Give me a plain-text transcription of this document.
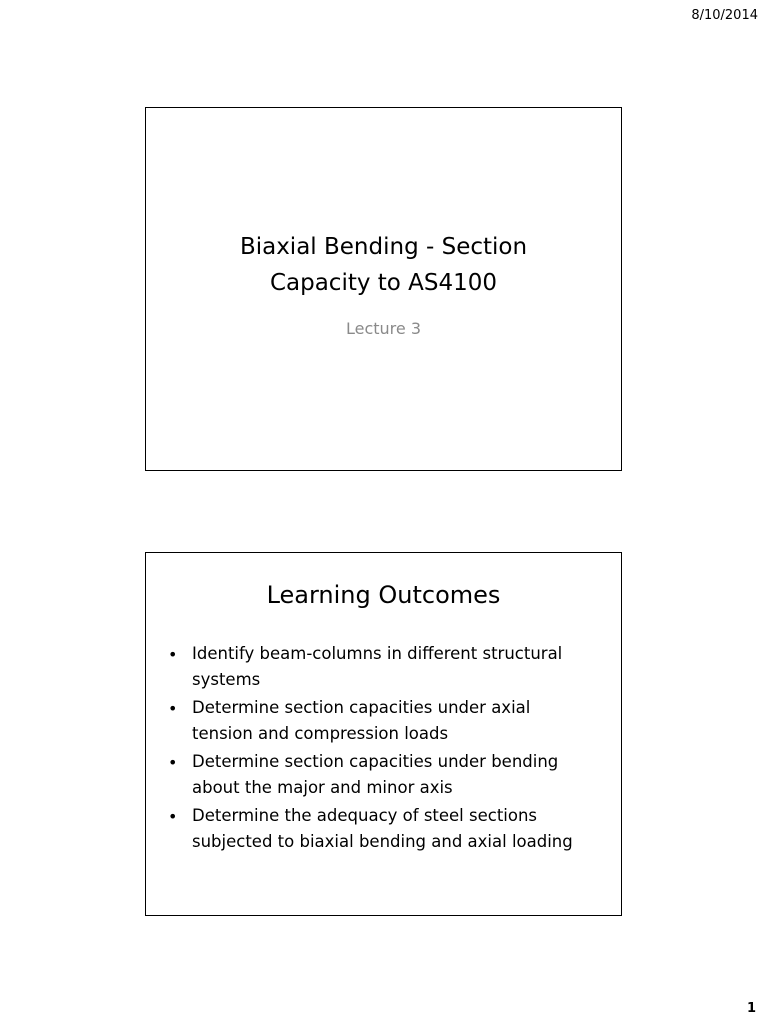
8/10/2014
Biaxial Bending - Section
Capacity to AS4100
Lecture 3
Learning Outcomes
• Identify beam-columns in different structural
systems
• Determine section capacities under axial
tension and compression loads
• Determine section capacities under bending
about the major and minor axis
• Determine the adequacy of steel sections
subjected to biaxial bending and axial loading
1
